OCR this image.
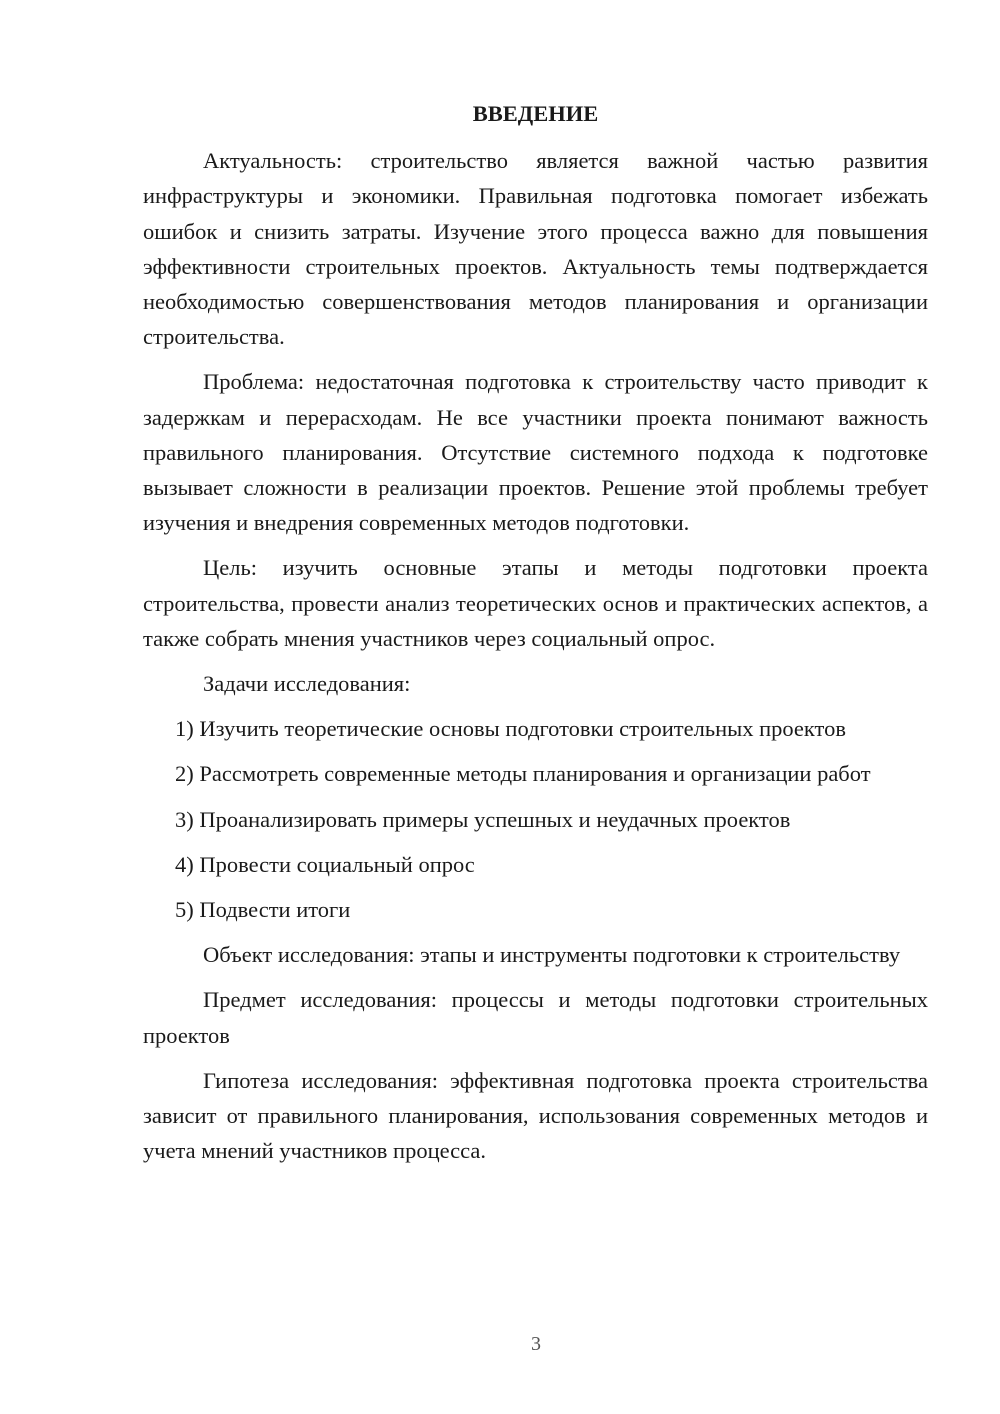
ВВЕДЕНИЕ

Актуальность: строительство является важной частью развития инфраструктуры и экономики. Правильная подготовка помогает избежать ошибок и снизить затраты. Изучение этого процесса важно для повышения эффективности строительных проектов. Актуальность темы подтверждается необходимостью совершенствования методов планирования и организации строительства.

Проблема: недостаточная подготовка к строительству часто приводит к задержкам и перерасходам. Не все участники проекта понимают важность правильного планирования. Отсутствие системного подхода к подготовке вызывает сложности в реализации проектов. Решение этой проблемы требует изучения и внедрения современных методов подготовки.

Цель: изучить основные этапы и методы подготовки проекта строительства, провести анализ теоретических основ и практических аспектов, а также собрать мнения участников через социальный опрос.

Задачи исследования:

1) Изучить теоретические основы подготовки строительных проектов

2) Рассмотреть современные методы планирования и организации работ

3) Проанализировать примеры успешных и неудачных проектов

4) Провести социальный опрос

5) Подвести итоги

Объект исследования: этапы и инструменты подготовки к строительству

Предмет исследования: процессы и методы подготовки строительных проектов

Гипотеза исследования: эффективная подготовка проекта строительства зависит от правильного планирования, использования современных методов и учета мнений участников процесса.

3
